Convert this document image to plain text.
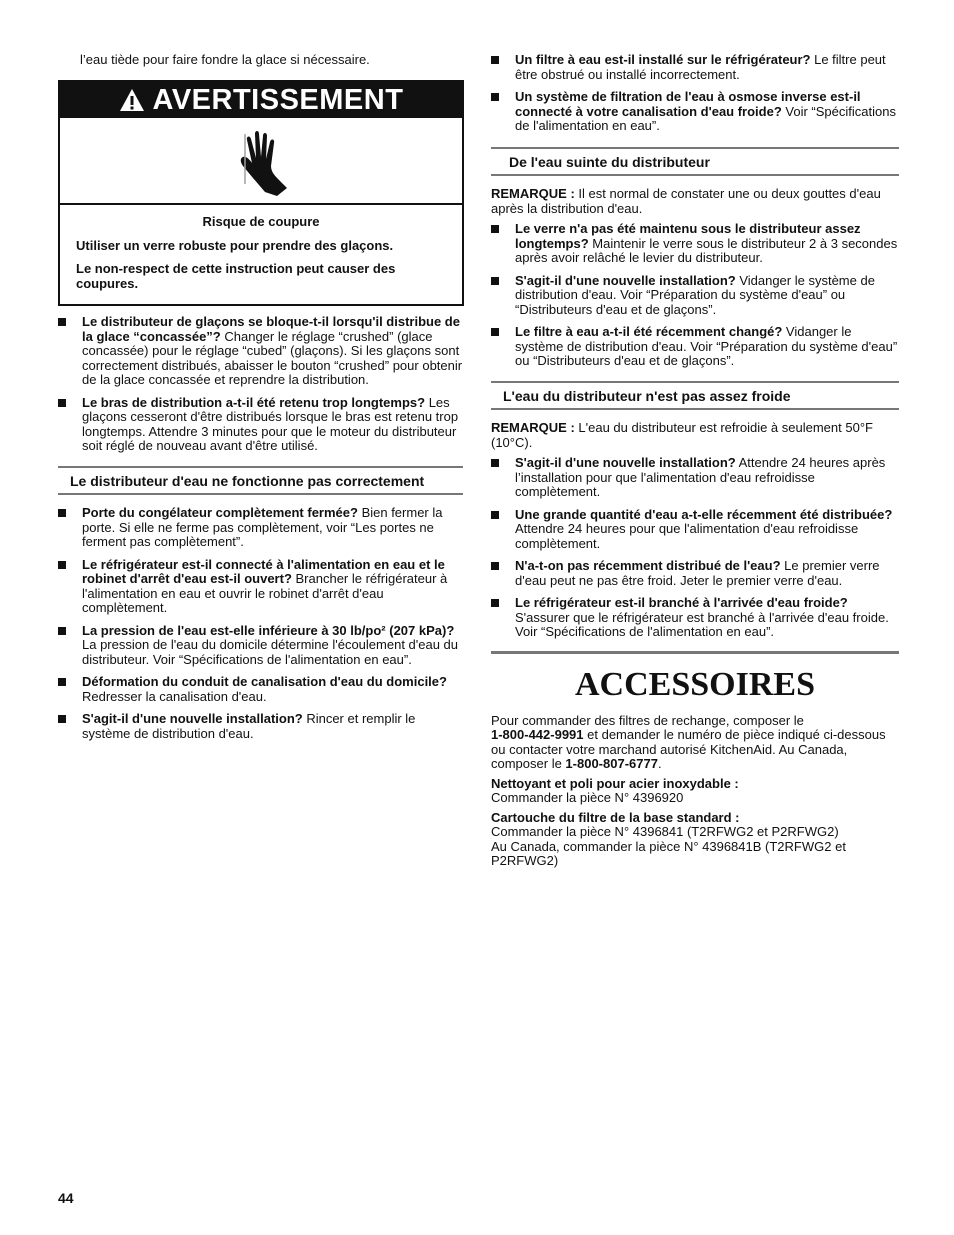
l’eau tiède pour faire fondre la glace si nécessaire.

AVERTISSEMENT

Risque de coupure

Utiliser un verre robuste pour prendre des glaçons.

Le non-respect de cette instruction peut causer des coupures.

Le distributeur de glaçons se bloque-t-il lorsqu'il distribue de la glace “concassée”? Changer le réglage “crushed” (glace concassée) pour le réglage “cubed” (glaçons). Si les glaçons sont correctement distribués, abaisser le bouton “crushed” pour obtenir de la glace concassée et reprendre la distribution.

Le bras de distribution a-t-il été retenu trop longtemps? Les glaçons cesseront d'être distribués lorsque le bras est retenu trop longtemps. Attendre 3 minutes pour que le moteur du distributeur soit réglé de nouveau avant d'être utilisé.

Le distributeur d'eau ne fonctionne pas correctement

Porte du congélateur complètement fermée? Bien fermer la porte. Si elle ne ferme pas complètement, voir “Les portes ne ferment pas complètement”.

Le réfrigérateur est-il connecté à l'alimentation en eau et le robinet d'arrêt d'eau est-il ouvert? Brancher le réfrigérateur à l'alimentation en eau et ouvrir le robinet d'arrêt d'eau complètement.

La pression de l'eau est-elle inférieure à 30 lb/po² (207 kPa)? La pression de l'eau du domicile détermine l'écoulement d'eau du distributeur. Voir “Spécifications de l'alimentation en eau”.

Déformation du conduit de canalisation d'eau du domicile? Redresser la canalisation d'eau.

S'agit-il d'une nouvelle installation? Rincer et remplir le système de distribution d'eau.

Un filtre à eau est-il installé sur le réfrigérateur? Le filtre peut être obstrué ou installé incorrectement.

Un système de filtration de l'eau à osmose inverse est-il connecté à votre canalisation d'eau froide? Voir “Spécifications de l'alimentation en eau”.

De l'eau suinte du distributeur

REMARQUE : Il est normal de constater une ou deux gouttes d'eau après la distribution d'eau.

Le verre n'a pas été maintenu sous le distributeur assez longtemps? Maintenir le verre sous le distributeur 2 à 3 secondes après avoir relâché le levier du distributeur.

S'agit-il d'une nouvelle installation? Vidanger le système de distribution d'eau. Voir “Préparation du système d'eau” ou “Distributeurs d'eau et de glaçons”.

Le filtre à eau a-t-il été récemment changé? Vidanger le système de distribution d'eau. Voir “Préparation du système d'eau” ou “Distributeurs d'eau et de glaçons”.

L'eau du distributeur n'est pas assez froide

REMARQUE : L'eau du distributeur est refroidie à seulement 50°F (10°C).

S'agit-il d'une nouvelle installation? Attendre 24 heures après l’installation pour que l'alimentation d'eau refroidisse complètement.

Une grande quantité d'eau a-t-elle récemment été distribuée? Attendre 24 heures pour que l'alimentation d'eau refroidisse complètement.

N'a-t-on pas récemment distribué de l'eau? Le premier verre d'eau peut ne pas être froid. Jeter le premier verre d'eau.

Le réfrigérateur est-il branché à l'arrivée d'eau froide? S'assurer que le réfrigérateur est branché à l'arrivée d'eau froide. Voir “Spécifications de l'alimentation en eau”.

ACCESSOIRES

Pour commander des filtres de rechange, composer le
1-800-442-9991 et demander le numéro de pièce indiqué ci-dessous ou contacter votre marchand autorisé KitchenAid. Au Canada, composer le 1-800-807-6777.

Nettoyant et poli pour acier inoxydable :
Commander la pièce N° 4396920

Cartouche du filtre de la base standard :
Commander la pièce N° 4396841 (T2RFWG2 et P2RFWG2)
Au Canada, commander la pièce N° 4396841B (T2RFWG2 et P2RFWG2)

44
